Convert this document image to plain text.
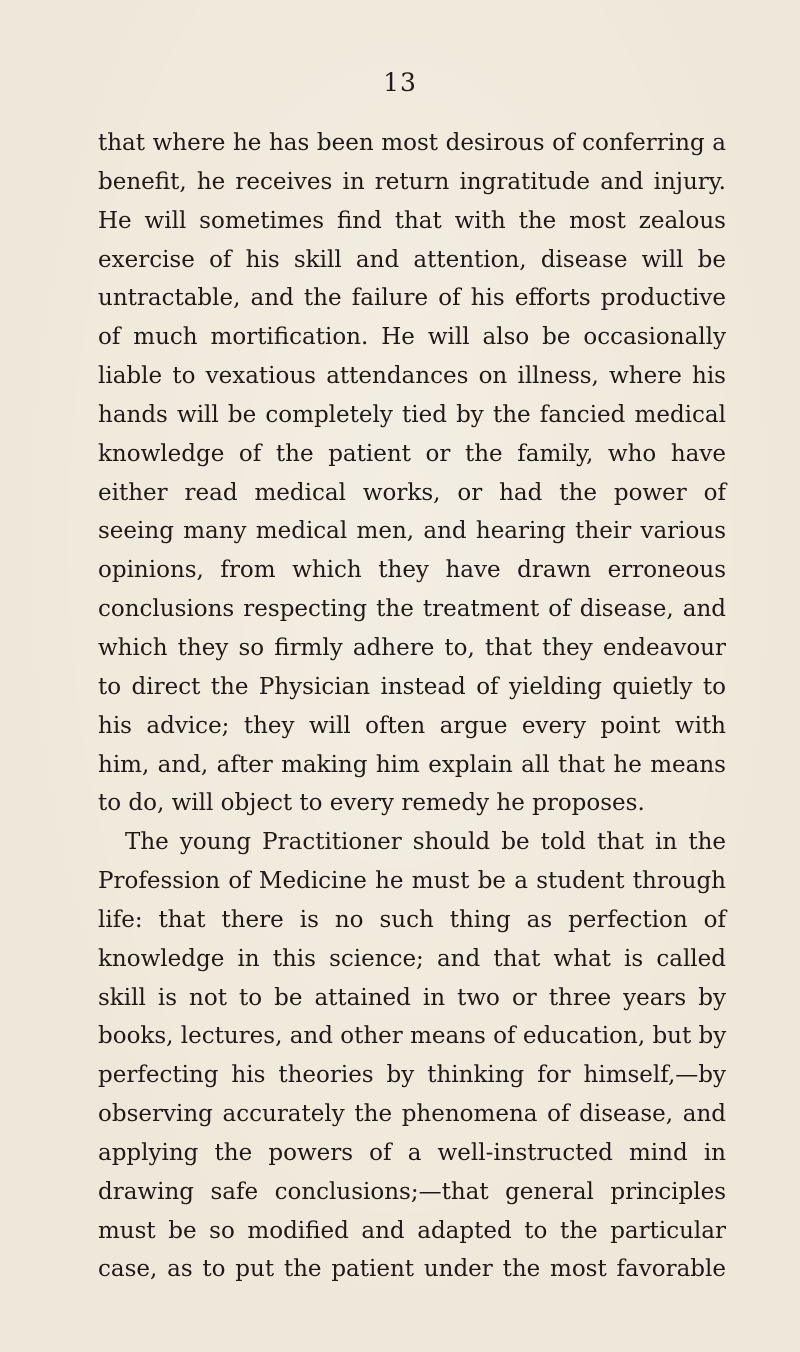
13
that where he has been most desirous of conferring a
benefit, he receives in return ingratitude and injury.
He will sometimes find that with the most zealous
exercise of his skill and attention, disease will be
untractable, and the failure of his efforts productive
of much mortification. He will also be occasionally
liable to vexatious attendances on illness, where his
hands will be completely tied by the fancied medical
knowledge of the patient or the family, who have
either read medical works, or had the power of
seeing many medical men, and hearing their various
opinions, from which they have drawn erroneous
conclusions respecting the treatment of disease, and
which they so firmly adhere to, that they endeavour
to direct the Physician instead of yielding quietly to
his advice; they will often argue every point with
him, and, after making him explain all that he means
to do, will object to every remedy he proposes.
The young Practitioner should be told that in the
Profession of Medicine he must be a student through
life: that there is no such thing as perfection of
knowledge in this science; and that what is called
skill is not to be attained in two or three years by
books, lectures, and other means of education, but by
perfecting his theories by thinking for himself,—by
observing accurately the phenomena of disease, and
applying the powers of a well-instructed mind in
drawing safe conclusions;—that general principles
must be so modified and adapted to the particular
case, as to put the patient under the most favorable
